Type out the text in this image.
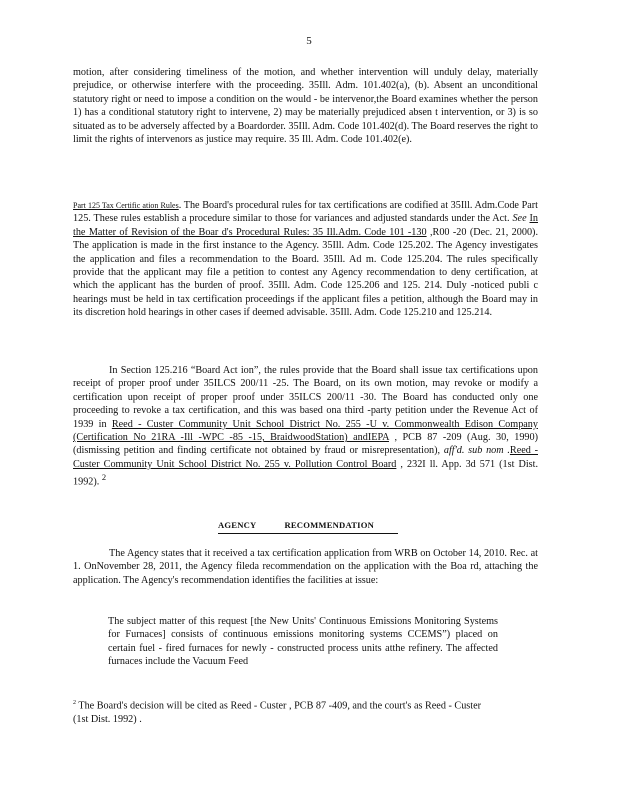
5

motion, after considering timeliness of the motion, and whether intervention will unduly delay, materially prejudice, or otherwise interfere with the proceeding. 35Ill. Adm. 101.402(a), (b). Absent an unconditional statutory right or need to impose a condition on the would - be intervenor,the Board examines whether the person 1) has a conditional statutory right to intervene, 2) may be materially prejudiced absen t intervention, or 3) is so situated as to be adversely affected by a Boardorder. 35Ill. Adm. Code 101.402(d). The Board reserves the right to limit the rights of intervenors as justice may require. 35 Ill. Adm. Code 101.402(e).

Part 125 Tax Certific ation Rules. The Board's procedural rules for tax certifications are codified at 35Ill. Adm.Code Part 125. These rules establish a procedure similar to those for variances and adjusted standards under the Act. See In the Matter of Revision of the Boar d's Procedural Rules: 35 Ill.Adm. Code 101 -130 ,R00 -20 (Dec. 21, 2000). The application is made in the first instance to the Agency. 35Ill. Adm. Code 125.202. The Agency investigates the application and files a recommendation to the Board. 35Ill. Ad m. Code 125.204. The rules specifically provide that the applicant may file a petition to contest any Agency recommendation to deny certification, at which the applicant has the burden of proof. 35Ill. Adm. Code 125.206 and 125. 214. Duly -noticed publi c hearings must be held in tax certification proceedings if the applicant files a petition, although the Board may in its discretion hold hearings in other cases if deemed advisable. 35Ill. Adm. Code 125.210 and 125.214.

In Section 125.216 “Board Act ion”, the rules provide that the Board shall issue tax certifications upon receipt of proper proof under 35ILCS 200/11 -25. The Board, on its own motion, may revoke or modify a certification upon receipt of proper proof under 35ILCS 200/11 -30. The Board has conducted only one proceeding to revoke a tax certification, and this was based ona third -party petition under the Revenue Act of 1939 in Reed - Custer Community Unit School District No. 255 -U v. Commonwealth Edison Company (Certification No 21RA -Ill -WPC -85 -15, BraidwoodStation) andIEPA , PCB 87 -209 (Aug. 30, 1990) (dismissing petition and finding certificate not obtained by fraud or misrepresentation), aff'd. sub nom .Reed - Custer Community Unit School District No. 255 v. Pollution Control Board , 232I ll. App. 3d 571 (1st Dist. 1992). $^2$

AGENCY	RECOMMENDATION

The Agency states that it received a tax certification application from WRB on October 14, 2010. Rec. at 1. OnNovember 28, 2011, the Agency fileda recommendation on the application with the Boa rd, attaching the application. The Agency's recommendation identifies the facilities at issue:

The subject matter of this request [the New Units' Continuous Emissions Monitoring Systems for Furnaces] consists of continuous emissions monitoring systems CCEMS”) placed on certain fuel - fired furnaces for newly - constructed process units atthe refinery. The affected furnaces include the Vacuum Feed

$^2$ The Board's decision will be cited as Reed - Custer , PCB 87 -409, and the court's as Reed - Custer
(1st Dist. 1992) .
